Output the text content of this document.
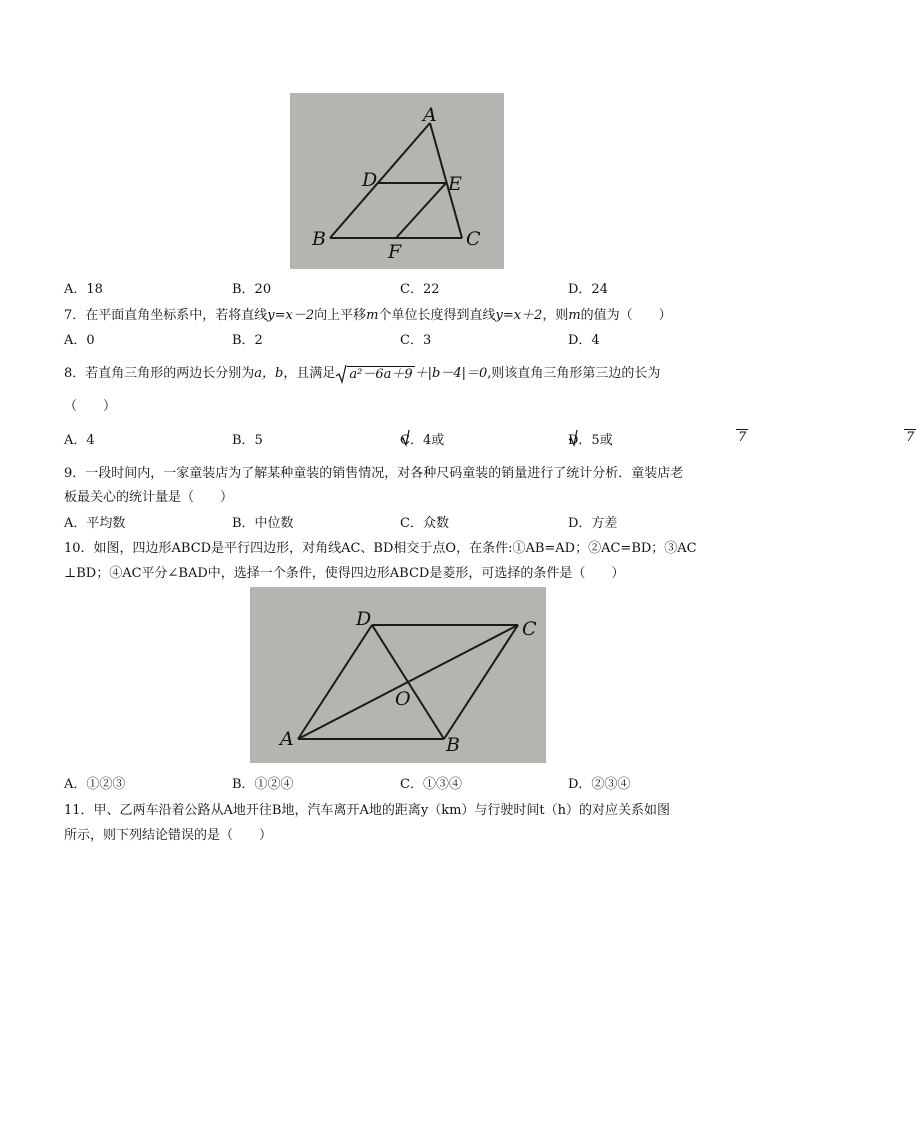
A
D	E
B
F
C
A．18	B．20	C．22	D．24
7．在平面直角坐标系中，若将直线y=x－2向上平移m个单位长度得到直线y=x＋2，则m的值为（　　）
A．0	B．2	C．3	D．4
8．若直角三角形的两边长分别为a，b，且满足 a²－6a＋9 ＋|b－4|＝0,则该直角三角形第三边的长为
（　　）
A．4	B．5	C．4或	7
D．5或	7
9．一段时间内，一家童装店为了解某种童装的销售情况，对各种尺码童装的销量进行了统计分析．童装店老
板最关心的统计量是（　　）
A．平均数	B．中位数	C．众数	D．方差
10．如图，四边形ABCD是平行四边形，对角线AC、BD相交于点O，在条件:①AB=AD；②AC=BD；③AC
⊥BD；④AC平分∠BAD中，选择一个条件，使得四边形ABCD是菱形，可选择的条件是（　　）
D	C
O
A	B
A．①②③	B．①②④	C．①③④	D．②③④
11．甲、乙两车沿着公路从A地开往B地，汽车离开A地的距离y（km）与行驶时间t（h）的对应关系如图
所示，则下列结论错误的是（　　）
